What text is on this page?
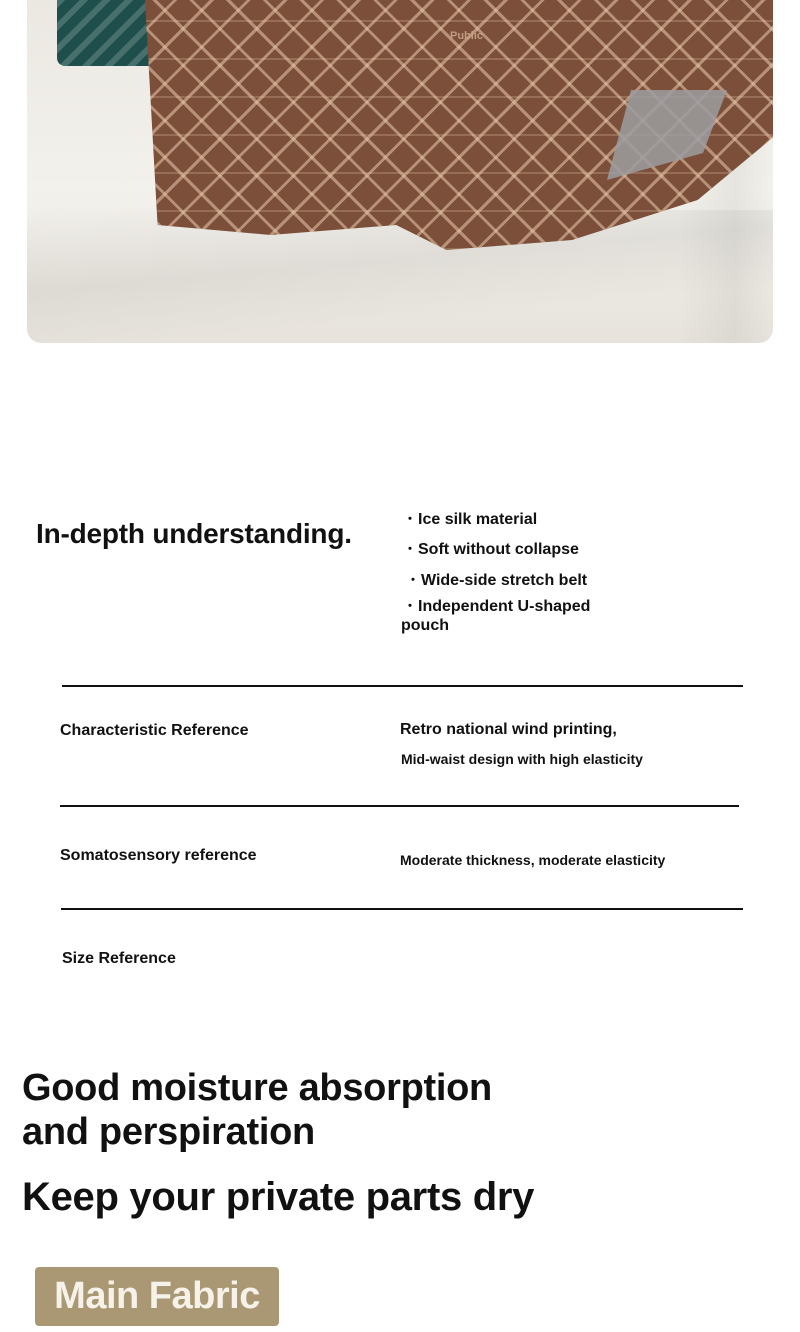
Public
In-depth understanding.	・Ice silk material
・Soft without collapse
・Wide-side stretch belt
・Independent U-shaped
pouch
Characteristic Reference	Retro national wind printing,
Mid-waist design with high elasticity
Somatosensory reference	Moderate thickness, moderate elasticity
Size Reference
Good moisture absorption
and perspiration
Keep your private parts dry
Main Fabric
